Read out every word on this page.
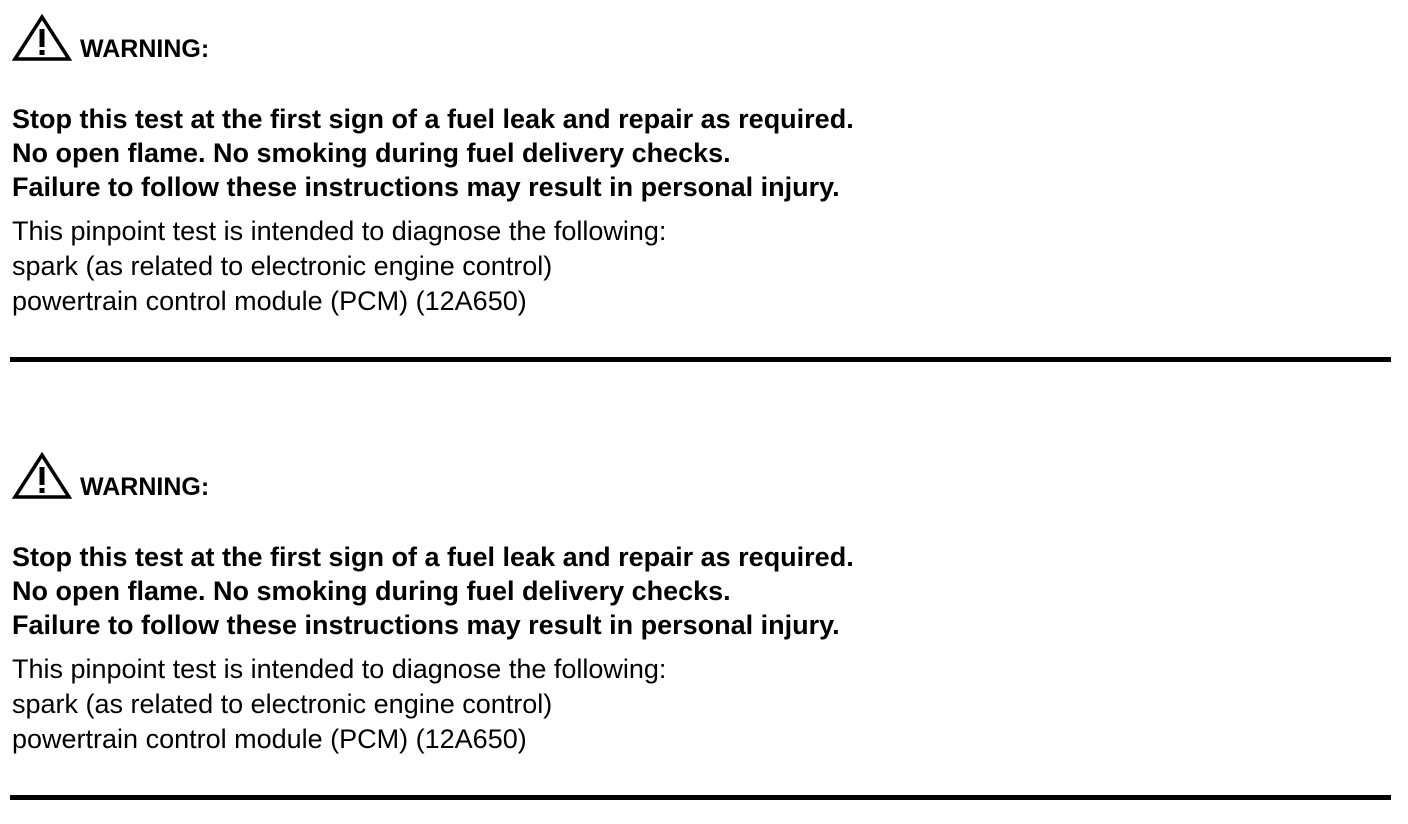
WARNING:
Stop this test at the first sign of a fuel leak and repair as required.
No open flame. No smoking during fuel delivery checks.
Failure to follow these instructions may result in personal injury.
This pinpoint test is intended to diagnose the following:
spark (as related to electronic engine control)
powertrain control module (PCM) (12A650)
WARNING:
Stop this test at the first sign of a fuel leak and repair as required.
No open flame. No smoking during fuel delivery checks.
Failure to follow these instructions may result in personal injury.
This pinpoint test is intended to diagnose the following:
spark (as related to electronic engine control)
powertrain control module (PCM) (12A650)
